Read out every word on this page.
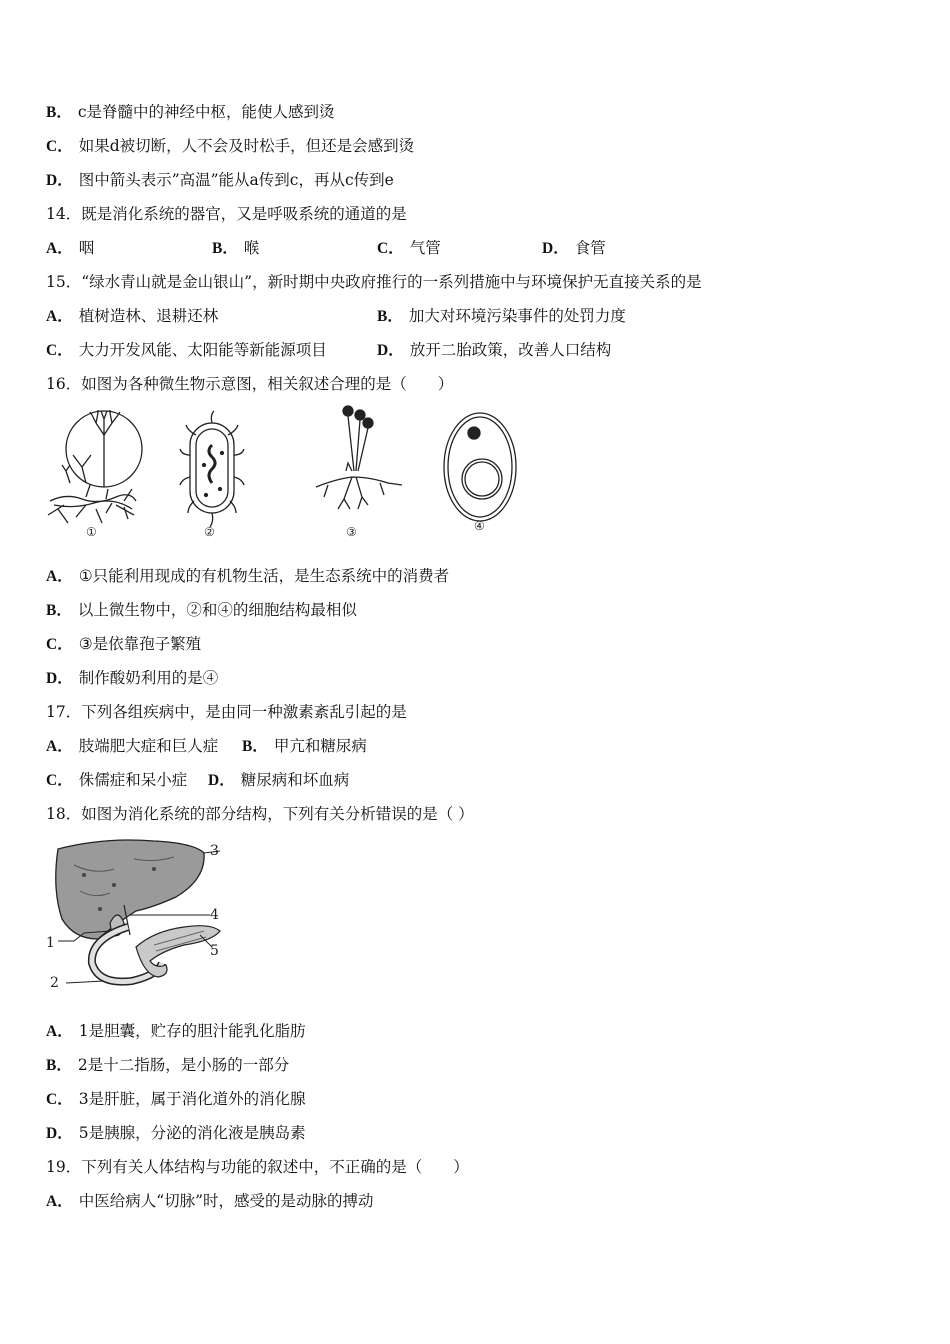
B． c是脊髓中的神经中枢，能使人感到烫
C． 如果d被切断，人不会及时松手，但还是会感到烫
D． 图中箭头表示”高温”能从a传到c，再从c传到e
14．既是消化系统的器官，又是呼吸系统的通道的是
A． 咽	B． 喉	C． 气管	D． 食管
15．“绿水青山就是金山银山”，新时期中央政府推行的一系列措施中与环境保护无直接关系的是
A． 植树造林、退耕还林	B． 加大对环境污染事件的处罚力度
C． 大力开发风能、太阳能等新能源项目	D． 放开二胎政策，改善人口结构
16．如图为各种微生物示意图，相关叙述合理的是（　　）
①	②	③	④
A． ①只能利用现成的有机物生活，是生态系统中的消费者
B． 以上微生物中，②和④的细胞结构最相似
C． ③是依靠孢子繁殖
D． 制作酸奶利用的是④
17．下列各组疾病中，是由同一种激素紊乱引起的是
A． 肢端肥大症和巨人症 B． 甲亢和糖尿病
C． 侏儒症和呆小症 D． 糖尿病和坏血病
18．如图为消化系统的部分结构，下列有关分析错误的是（ ）
1
2
3
4
5
A． 1是胆囊，贮存的胆汁能乳化脂肪
B． 2是十二指肠，是小肠的一部分
C． 3是肝脏，属于消化道外的消化腺
D． 5是胰腺，分泌的消化液是胰岛素
19．下列有关人体结构与功能的叙述中，不正确的是（　　）
A． 中医给病人“切脉”时，感受的是动脉的搏动
